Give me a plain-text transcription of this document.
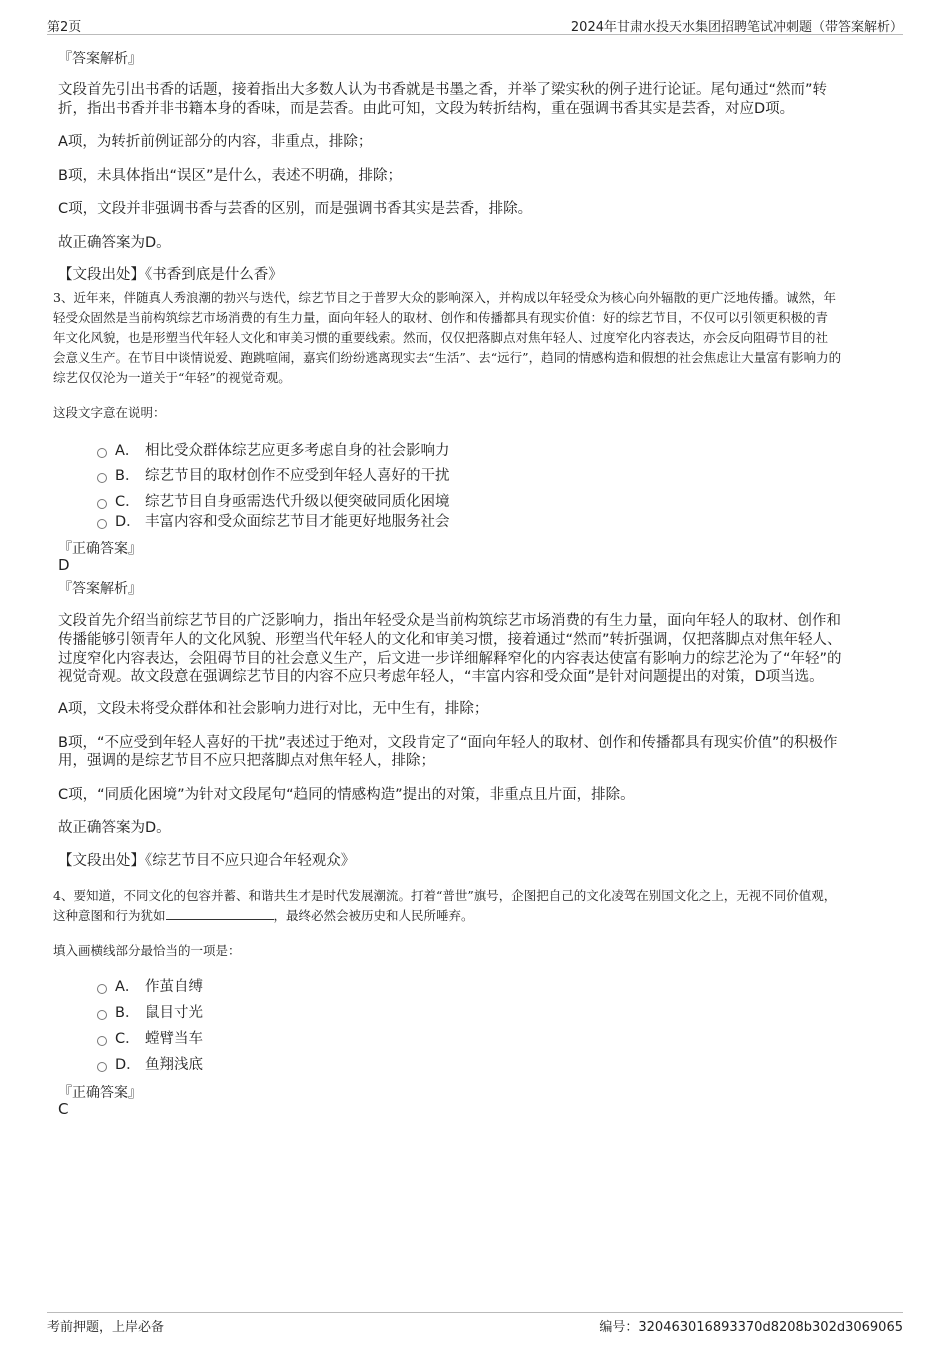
第2页	2024年甘肃水投天水集团招聘笔试冲刺题（带答案解析）
『答案解析』
文段首先引出书香的话题，接着指出大多数人认为书香就是书墨之香，并举了梁实秋的例子进行论证。尾句通过“然而”转
折，指出书香并非书籍本身的香味，而是芸香。由此可知，文段为转折结构，重在强调书香其实是芸香，对应D项。
A项，为转折前例证部分的内容，非重点，排除；
B项，未具体指出“误区”是什么，表述不明确，排除；
C项，文段并非强调书香与芸香的区别，而是强调书香其实是芸香，排除。
故正确答案为D。
【文段出处】《书香到底是什么香》
3、近年来，伴随真人秀浪潮的勃兴与迭代，综艺节目之于普罗大众的影响深入，并构成以年轻受众为核心向外辐散的更广泛地传播。诚然，年
轻受众固然是当前构筑综艺市场消费的有生力量，面向年轻人的取材、创作和传播都具有现实价值：好的综艺节目，不仅可以引领更积极的青
年文化风貌，也是形塑当代年轻人文化和审美习惯的重要线索。然而，仅仅把落脚点对焦年轻人、过度窄化内容表达，亦会反向阻碍节目的社
会意义生产。在节目中谈情说爱、跑跳喧闹，嘉宾们纷纷逃离现实去“生活”、去“远行”，趋同的情感构造和假想的社会焦虑让大量富有影响力的
综艺仅仅沦为一道关于“年轻”的视觉奇观。
这段文字意在说明：
A． 相比受众群体综艺应更多考虑自身的社会影响力
B． 综艺节目的取材创作不应受到年轻人喜好的干扰
C． 综艺节目自身亟需迭代升级以便突破同质化困境
D． 丰富内容和受众面综艺节目才能更好地服务社会
『正确答案』
D
『答案解析』
文段首先介绍当前综艺节目的广泛影响力，指出年轻受众是当前构筑综艺市场消费的有生力量，面向年轻人的取材、创作和
传播能够引领青年人的文化风貌、形塑当代年轻人的文化和审美习惯，接着通过“然而”转折强调，仅把落脚点对焦年轻人、
过度窄化内容表达，会阻碍节目的社会意义生产，后文进一步详细解释窄化的内容表达使富有影响力的综艺沦为了“年轻”的
视觉奇观。故文段意在强调综艺节目的内容不应只考虑年轻人，“丰富内容和受众面”是针对问题提出的对策，D项当选。
A项，文段未将受众群体和社会影响力进行对比，无中生有，排除；
B项，“不应受到年轻人喜好的干扰”表述过于绝对，文段肯定了“面向年轻人的取材、创作和传播都具有现实价值”的积极作
用，强调的是综艺节目不应只把落脚点对焦年轻人，排除；
C项，“同质化困境”为针对文段尾句“趋同的情感构造”提出的对策，非重点且片面，排除。
故正确答案为D。
【文段出处】《综艺节目不应只迎合年轻观众》
4、要知道，不同文化的包容并蓄、和谐共生才是时代发展潮流。打着“普世”旗号，企图把自己的文化凌驾在别国文化之上，无视不同价值观，
这种意图和行为犹如	，最终必然会被历史和人民所唾弃。
填入画横线部分最恰当的一项是：
A． 作茧自缚
B． 鼠目寸光
C． 螳臂当车
D． 鱼翔浅底
『正确答案』
C
考前押题，上岸必备	编号：320463016893370d8208b302d3069065
